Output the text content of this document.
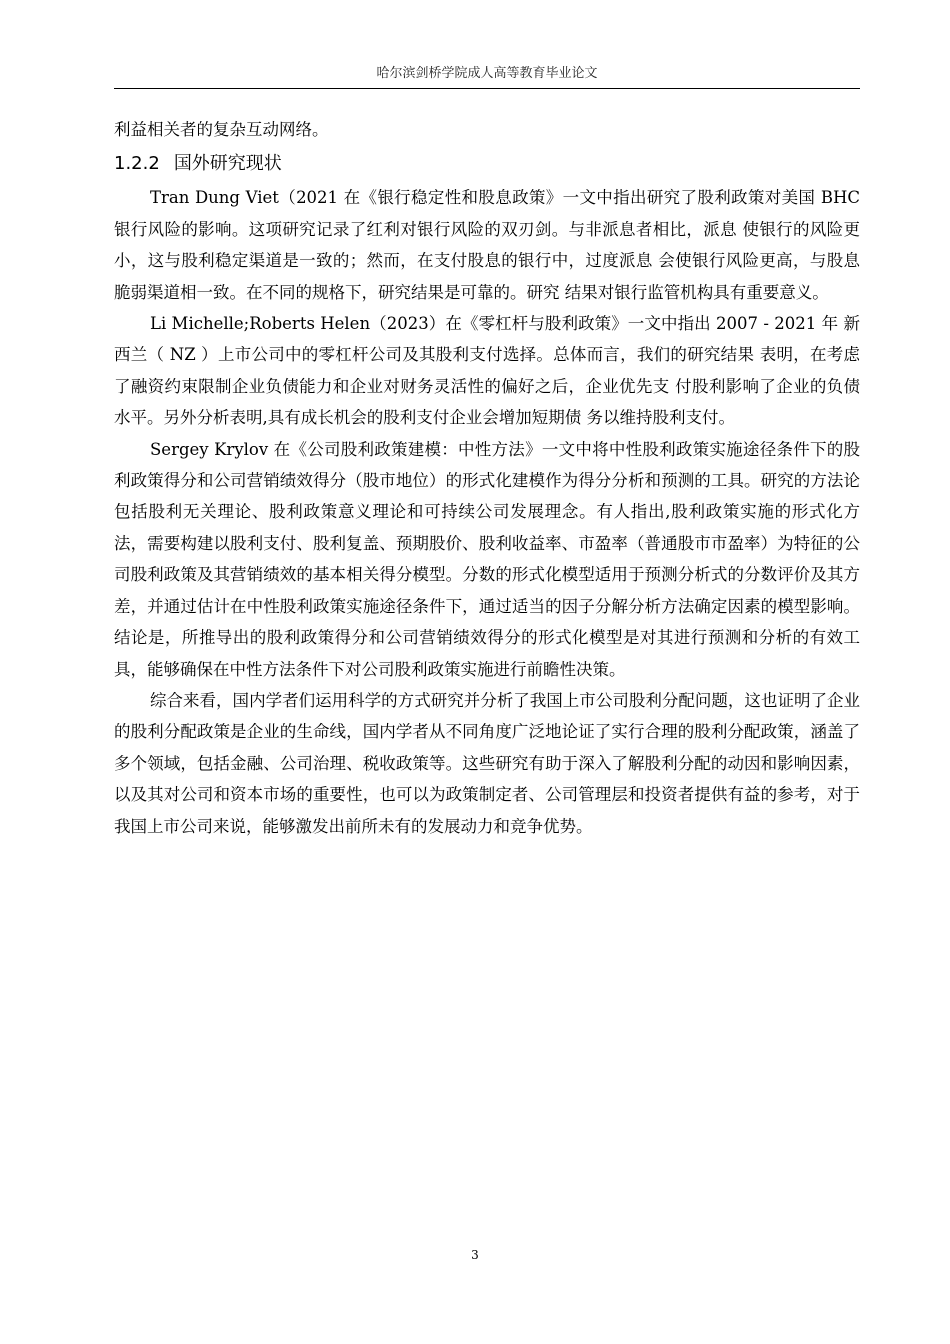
哈尔滨剑桥学院成人高等教育毕业论文

利益相关者的复杂互动网络。

1.2.2 国外研究现状

Tran Dung Viet（2021 在《银行稳定性和股息政策》一文中指出研究了股利政策对美国 BHC 银行风险的影响。这项研究记录了红利对银行风险的双刃剑。与非派息者相比，派息 使银行的风险更小，这与股利稳定渠道是一致的；然而，在支付股息的银行中，过度派息 会使银行风险更高，与股息脆弱渠道相一致。在不同的规格下，研究结果是可靠的。研究 结果对银行监管机构具有重要意义。

Li Michelle;Roberts Helen（2023）在《零杠杆与股利政策》一文中指出 2007 - 2021 年 新西兰（ NZ ）上市公司中的零杠杆公司及其股利支付选择。总体而言，我们的研究结果 表明，在考虑了融资约束限制企业负债能力和企业对财务灵活性的偏好之后，企业优先支 付股利影响了企业的负债水平。另外分析表明,具有成长机会的股利支付企业会增加短期债 务以维持股利支付。

Sergey Krylov 在《公司股利政策建模：中性方法》一文中将中性股利政策实施途径条件下的股利政策得分和公司营销绩效得分（股市地位）的形式化建模作为得分分析和预测的工具。研究的方法论包括股利无关理论、股利政策意义理论和可持续公司发展理念。有人指出,股利政策实施的形式化方法，需要构建以股利支付、股利复盖、预期股价、股利收益率、市盈率（普通股市市盈率）为特征的公司股利政策及其营销绩效的基本相关得分模型。分数的形式化模型适用于预测分析式的分数评价及其方差，并通过估计在中性股利政策实施途径条件下，通过适当的因子分解分析方法确定因素的模型影响。结论是，所推导出的股利政策得分和公司营销绩效得分的形式化模型是对其进行预测和分析的有效工具，能够确保在中性方法条件下对公司股利政策实施进行前瞻性决策。

综合来看，国内学者们运用科学的方式研究并分析了我国上市公司股利分配问题，这也证明了企业的股利分配政策是企业的生命线，国内学者从不同角度广泛地论证了实行合理的股利分配政策，涵盖了多个领域，包括金融、公司治理、税收政策等。这些研究有助于深入了解股利分配的动因和影响因素，以及其对公司和资本市场的重要性，也可以为政策制定者、公司管理层和投资者提供有益的参考，对于我国上市公司来说，能够激发出前所未有的发展动力和竞争优势。

3
